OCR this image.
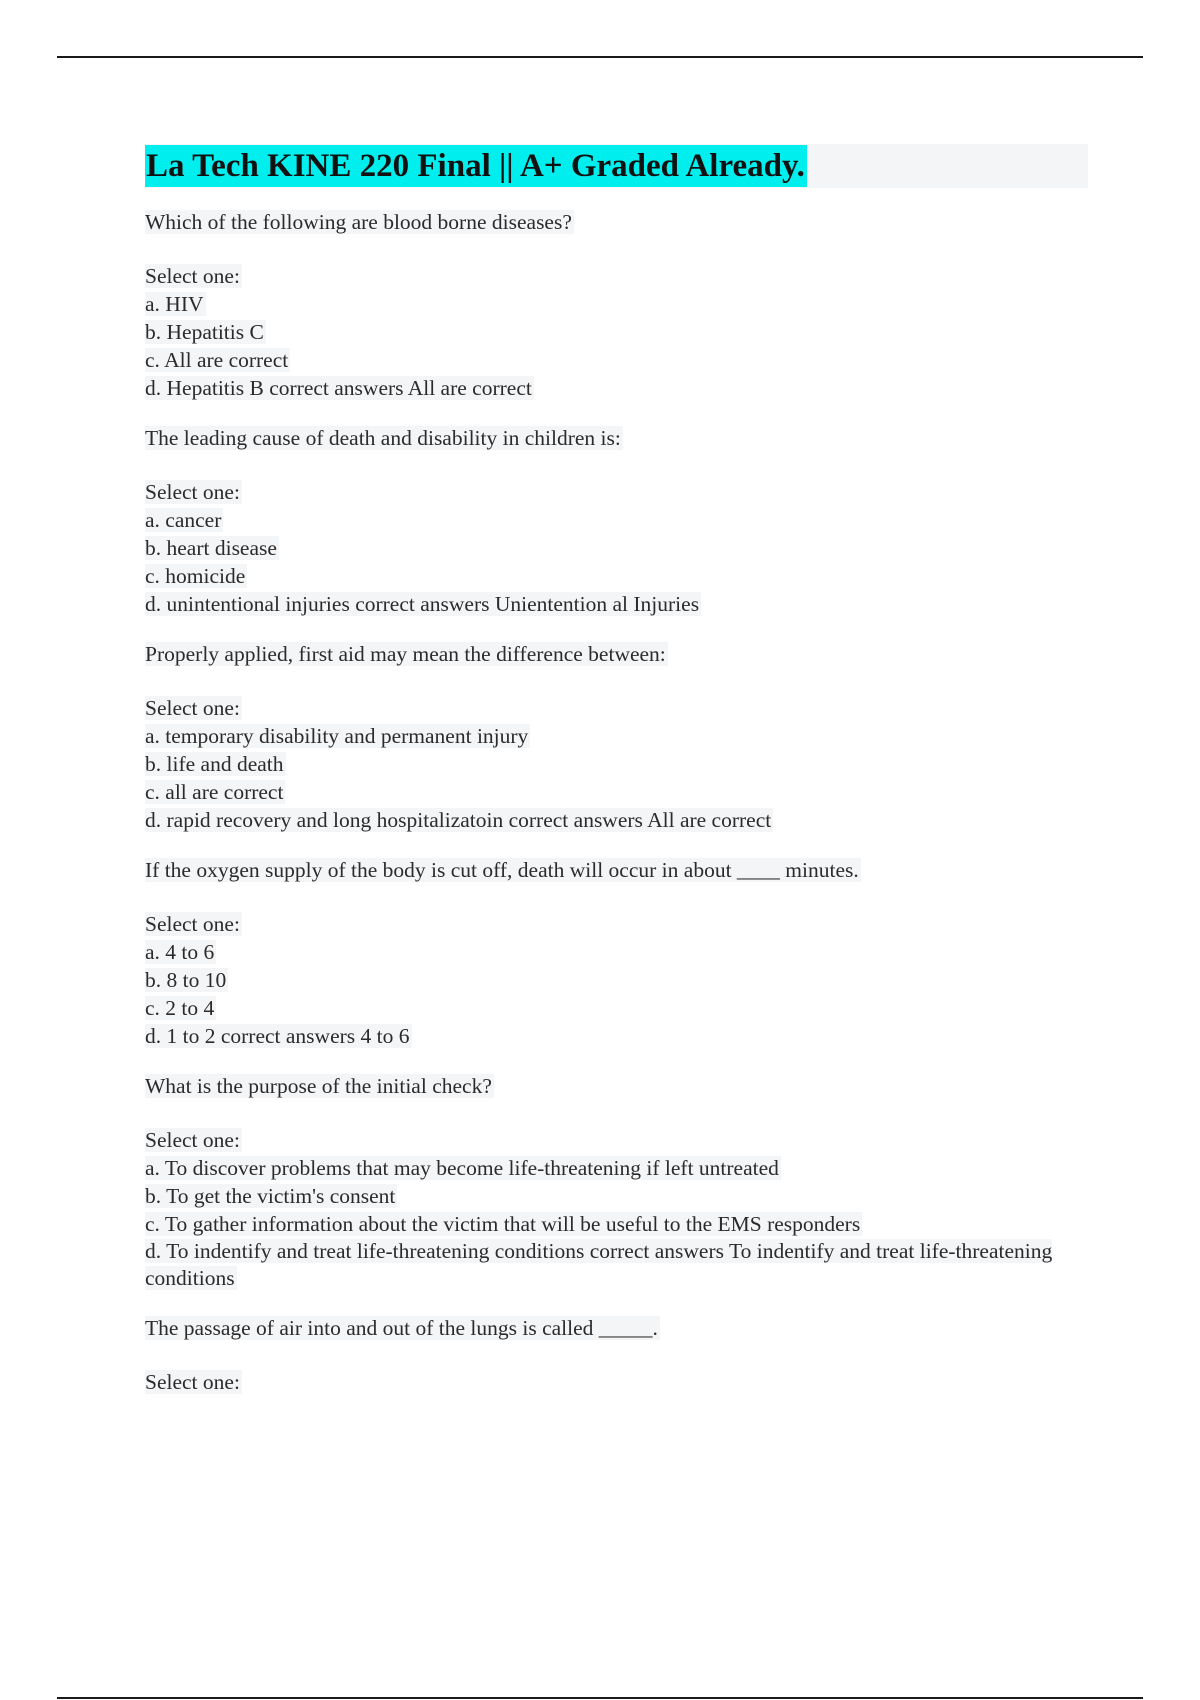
La Tech KINE 220 Final || A+ Graded Already.
Which of the following are blood borne diseases?
Select one:
a. HIV
b. Hepatitis C
c. All are correct
d. Hepatitis B correct answers All are correct
The leading cause of death and disability in children is:
Select one:
a. cancer
b. heart disease
c. homicide
d. unintentional injuries correct answers Unientention al Injuries
Properly applied, first aid may mean the difference between:
Select one:
a. temporary disability and permanent injury
b. life and death
c. all are correct
d. rapid recovery and long hospitalizatoin correct answers All are correct
If the oxygen supply of the body is cut off, death will occur in about ____ minutes.
Select one:
a. 4 to 6
b. 8 to 10
c. 2 to 4
d. 1 to 2 correct answers 4 to 6
What is the purpose of the initial check?
Select one:
a. To discover problems that may become life-threatening if left untreated
b. To get the victim's consent
c. To gather information about the victim that will be useful to the EMS responders
d. To indentify and treat life-threatening conditions correct answers To indentify and treat life-threatening conditions
The passage of air into and out of the lungs is called _____.
Select one:
